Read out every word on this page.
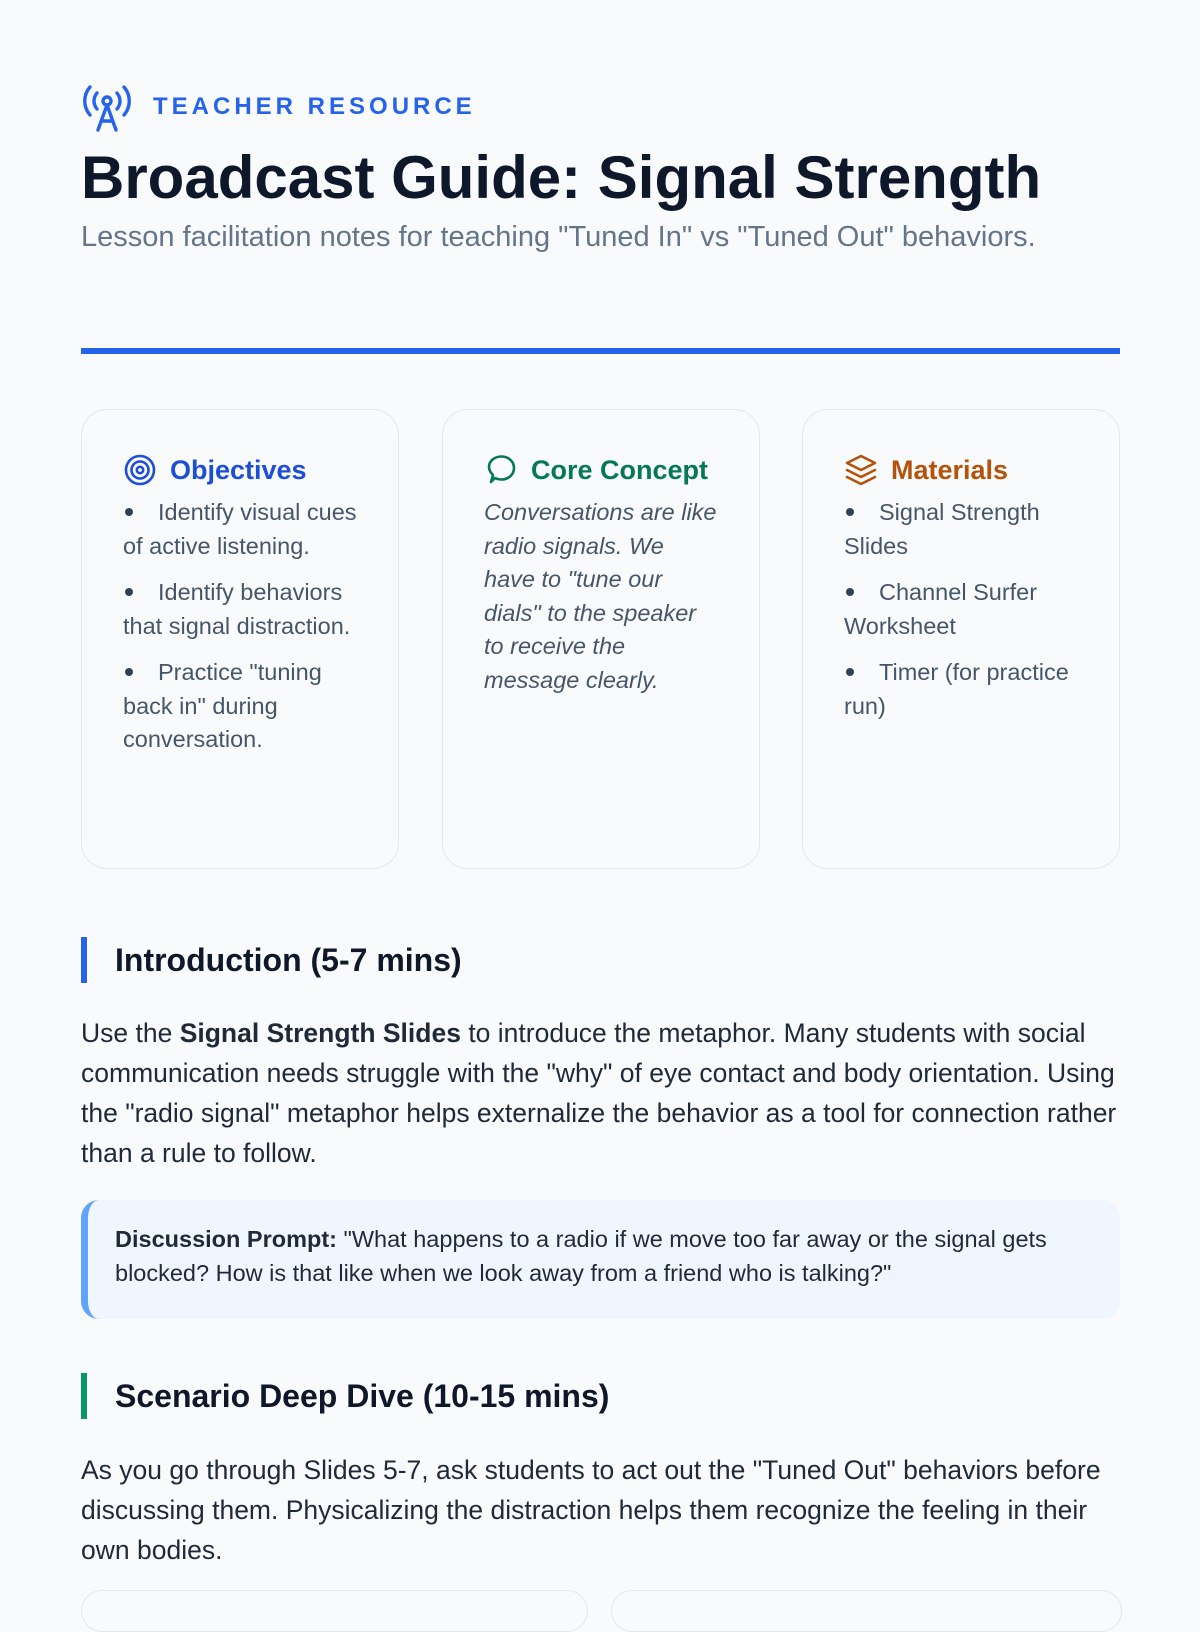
TEACHER RESOURCE
Broadcast Guide: Signal Strength

Lesson facilitation notes for teaching "Tuned In" vs "Tuned Out" behaviors.

Objectives
Identify visual cues of active listening.
Identify behaviors that signal distraction.
Practice "tuning back in" during conversation.
Core Concept

Conversations are like radio signals. We have to "tune our dials" to the speaker to receive the message clearly.

Materials
Signal Strength Slides
Channel Surfer Worksheet
Timer (for practice run)
Introduction (5-7 mins)

Use the Signal Strength Slides to introduce the metaphor. Many students with social communication needs struggle with the "why" of eye contact and body orientation. Using the "radio signal" metaphor helps externalize the behavior as a tool for connection rather than a rule to follow.

Discussion Prompt: "What happens to a radio if we move too far away or the signal gets blocked? How is that like when we look away from a friend who is talking?"
Scenario Deep Dive (10-15 mins)

As you go through Slides 5-7, ask students to act out the "Tuned Out" behaviors before discussing them. Physicalizing the distraction helps them recognize the feeling in their own bodies.
